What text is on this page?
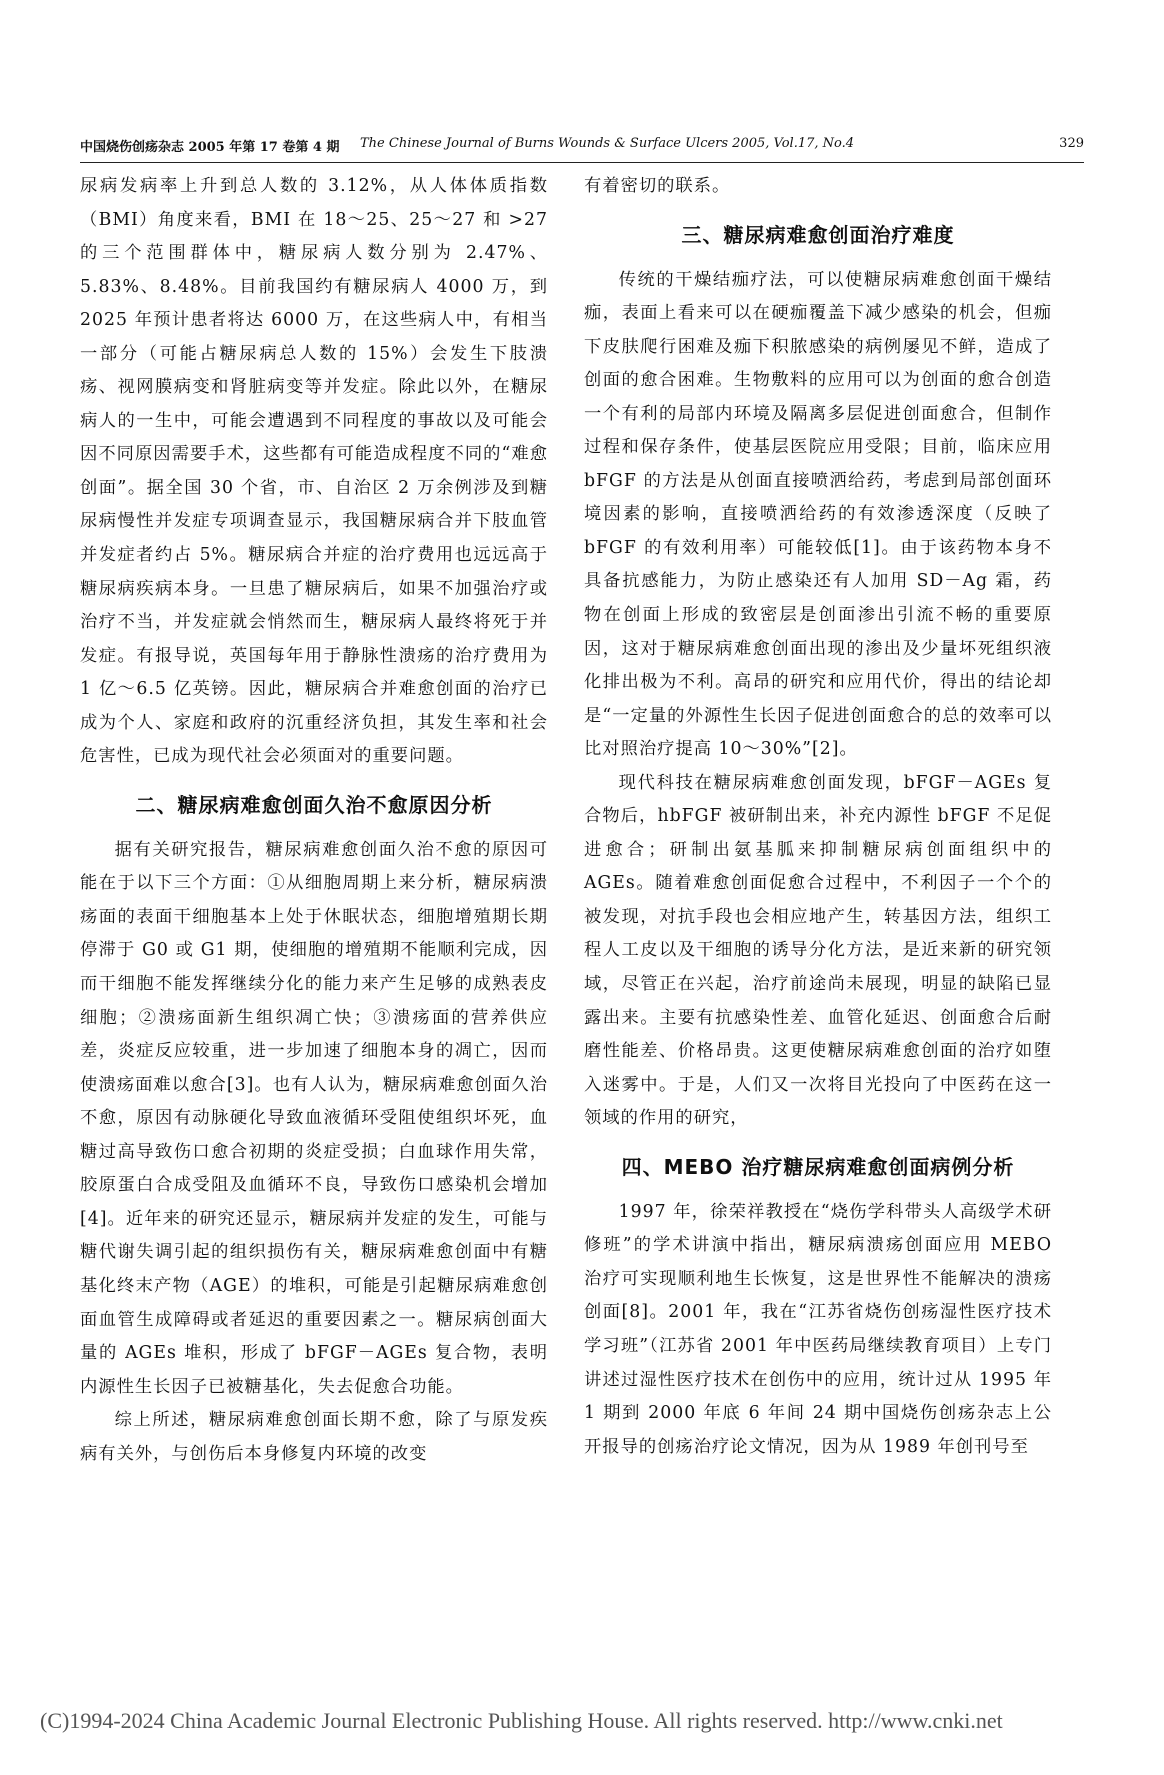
中国烧伤创疡杂志 2005 年第 17 卷第 4 期 The Chinese Journal of Burns Wounds & Surface Ulcers 2005, Vol.17, No.4	329

尿病发病率上升到总人数的 3.12%，从人体体质指数（BMI）角度来看，BMI 在 18～25、25～27 和 >27 的三个范围群体中，糖尿病人数分别为 2.47%、5.83%、8.48%。目前我国约有糖尿病人 4000 万，到 2025 年预计患者将达 6000 万，在这些病人中，有相当一部分（可能占糖尿病总人数的 15%）会发生下肢溃疡、视网膜病变和肾脏病变等并发症。除此以外，在糖尿病人的一生中，可能会遭遇到不同程度的事故以及可能会因不同原因需要手术，这些都有可能造成程度不同的“难愈创面”。据全国 30 个省，市、自治区 2 万余例涉及到糖尿病慢性并发症专项调查显示，我国糖尿病合并下肢血管并发症者约占 5%。糖尿病合并症的治疗费用也远远高于糖尿病疾病本身。一旦患了糖尿病后，如果不加强治疗或治疗不当，并发症就会悄然而生，糖尿病人最终将死于并发症。有报导说，英国每年用于静脉性溃疡的治疗费用为 1 亿～6.5 亿英镑。因此，糖尿病合并难愈创面的治疗已成为个人、家庭和政府的沉重经济负担，其发生率和社会危害性，已成为现代社会必须面对的重要问题。

二、糖尿病难愈创面久治不愈原因分析

据有关研究报告，糖尿病难愈创面久治不愈的原因可能在于以下三个方面：①从细胞周期上来分析，糖尿病溃疡面的表面干细胞基本上处于休眠状态，细胞增殖期长期停滞于 G0 或 G1 期，使细胞的增殖期不能顺利完成，因而干细胞不能发挥继续分化的能力来产生足够的成熟表皮细胞；②溃疡面新生组织凋亡快；③溃疡面的营养供应差，炎症反应较重，进一步加速了细胞本身的凋亡，因而使溃疡面难以愈合[3]。也有人认为，糖尿病难愈创面久治不愈，原因有动脉硬化导致血液循环受阻使组织坏死，血糖过高导致伤口愈合初期的炎症受损；白血球作用失常，胶原蛋白合成受阻及血循环不良，导致伤口感染机会增加[4]。近年来的研究还显示，糖尿病并发症的发生，可能与糖代谢失调引起的组织损伤有关，糖尿病难愈创面中有糖基化终末产物（AGE）的堆积，可能是引起糖尿病难愈创面血管生成障碍或者延迟的重要因素之一。糖尿病创面大量的 AGEs 堆积，形成了 bFGF－AGEs 复合物，表明内源性生长因子已被糖基化，失去促愈合功能。

综上所述，糖尿病难愈创面长期不愈，除了与原发疾病有关外，与创伤后本身修复内环境的改变

有着密切的联系。

三、糖尿病难愈创面治疗难度

传统的干燥结痂疗法，可以使糖尿病难愈创面干燥结痂，表面上看来可以在硬痂覆盖下减少感染的机会，但痂下皮肤爬行困难及痂下积脓感染的病例屡见不鲜，造成了创面的愈合困难。生物敷料的应用可以为创面的愈合创造一个有利的局部内环境及隔离多层促进创面愈合，但制作过程和保存条件，使基层医院应用受限；目前，临床应用 bFGF 的方法是从创面直接喷洒给药，考虑到局部创面环境因素的影响，直接喷洒给药的有效渗透深度（反映了 bFGF 的有效利用率）可能较低[1]。由于该药物本身不具备抗感能力，为防止感染还有人加用 SD－Ag 霜，药物在创面上形成的致密层是创面渗出引流不畅的重要原因，这对于糖尿病难愈创面出现的渗出及少量坏死组织液化排出极为不利。高昂的研究和应用代价，得出的结论却是“一定量的外源性生长因子促进创面愈合的总的效率可以比对照治疗提高 10～30%”[2]。

现代科技在糖尿病难愈创面发现，bFGF－AGEs 复合物后，hbFGF 被研制出来，补充内源性 bFGF 不足促进愈合；研制出氨基胍来抑制糖尿病创面组织中的 AGEs。随着难愈创面促愈合过程中，不利因子一个个的被发现，对抗手段也会相应地产生，转基因方法，组织工程人工皮以及干细胞的诱导分化方法，是近来新的研究领域，尽管正在兴起，治疗前途尚未展现，明显的缺陷已显露出来。主要有抗感染性差、血管化延迟、创面愈合后耐磨性能差、价格昂贵。这更使糖尿病难愈创面的治疗如堕入迷雾中。于是，人们又一次将目光投向了中医药在这一领域的作用的研究，

四、MEBO 治疗糖尿病难愈创面病例分析

1997 年，徐荣祥教授在“烧伤学科带头人高级学术研修班”的学术讲演中指出，糖尿病溃疡创面应用 MEBO 治疗可实现顺利地生长恢复，这是世界性不能解决的溃疡创面[8]。2001 年，我在“江苏省烧伤创疡湿性医疗技术学习班”（江苏省 2001 年中医药局继续教育项目）上专门讲述过湿性医疗技术在创伤中的应用，统计过从 1995 年 1 期到 2000 年底 6 年间 24 期中国烧伤创疡杂志上公开报导的创疡治疗论文情况，因为从 1989 年创刊号至

(C)1994-2024 China Academic Journal Electronic Publishing House. All rights reserved. http://www.cnki.net
